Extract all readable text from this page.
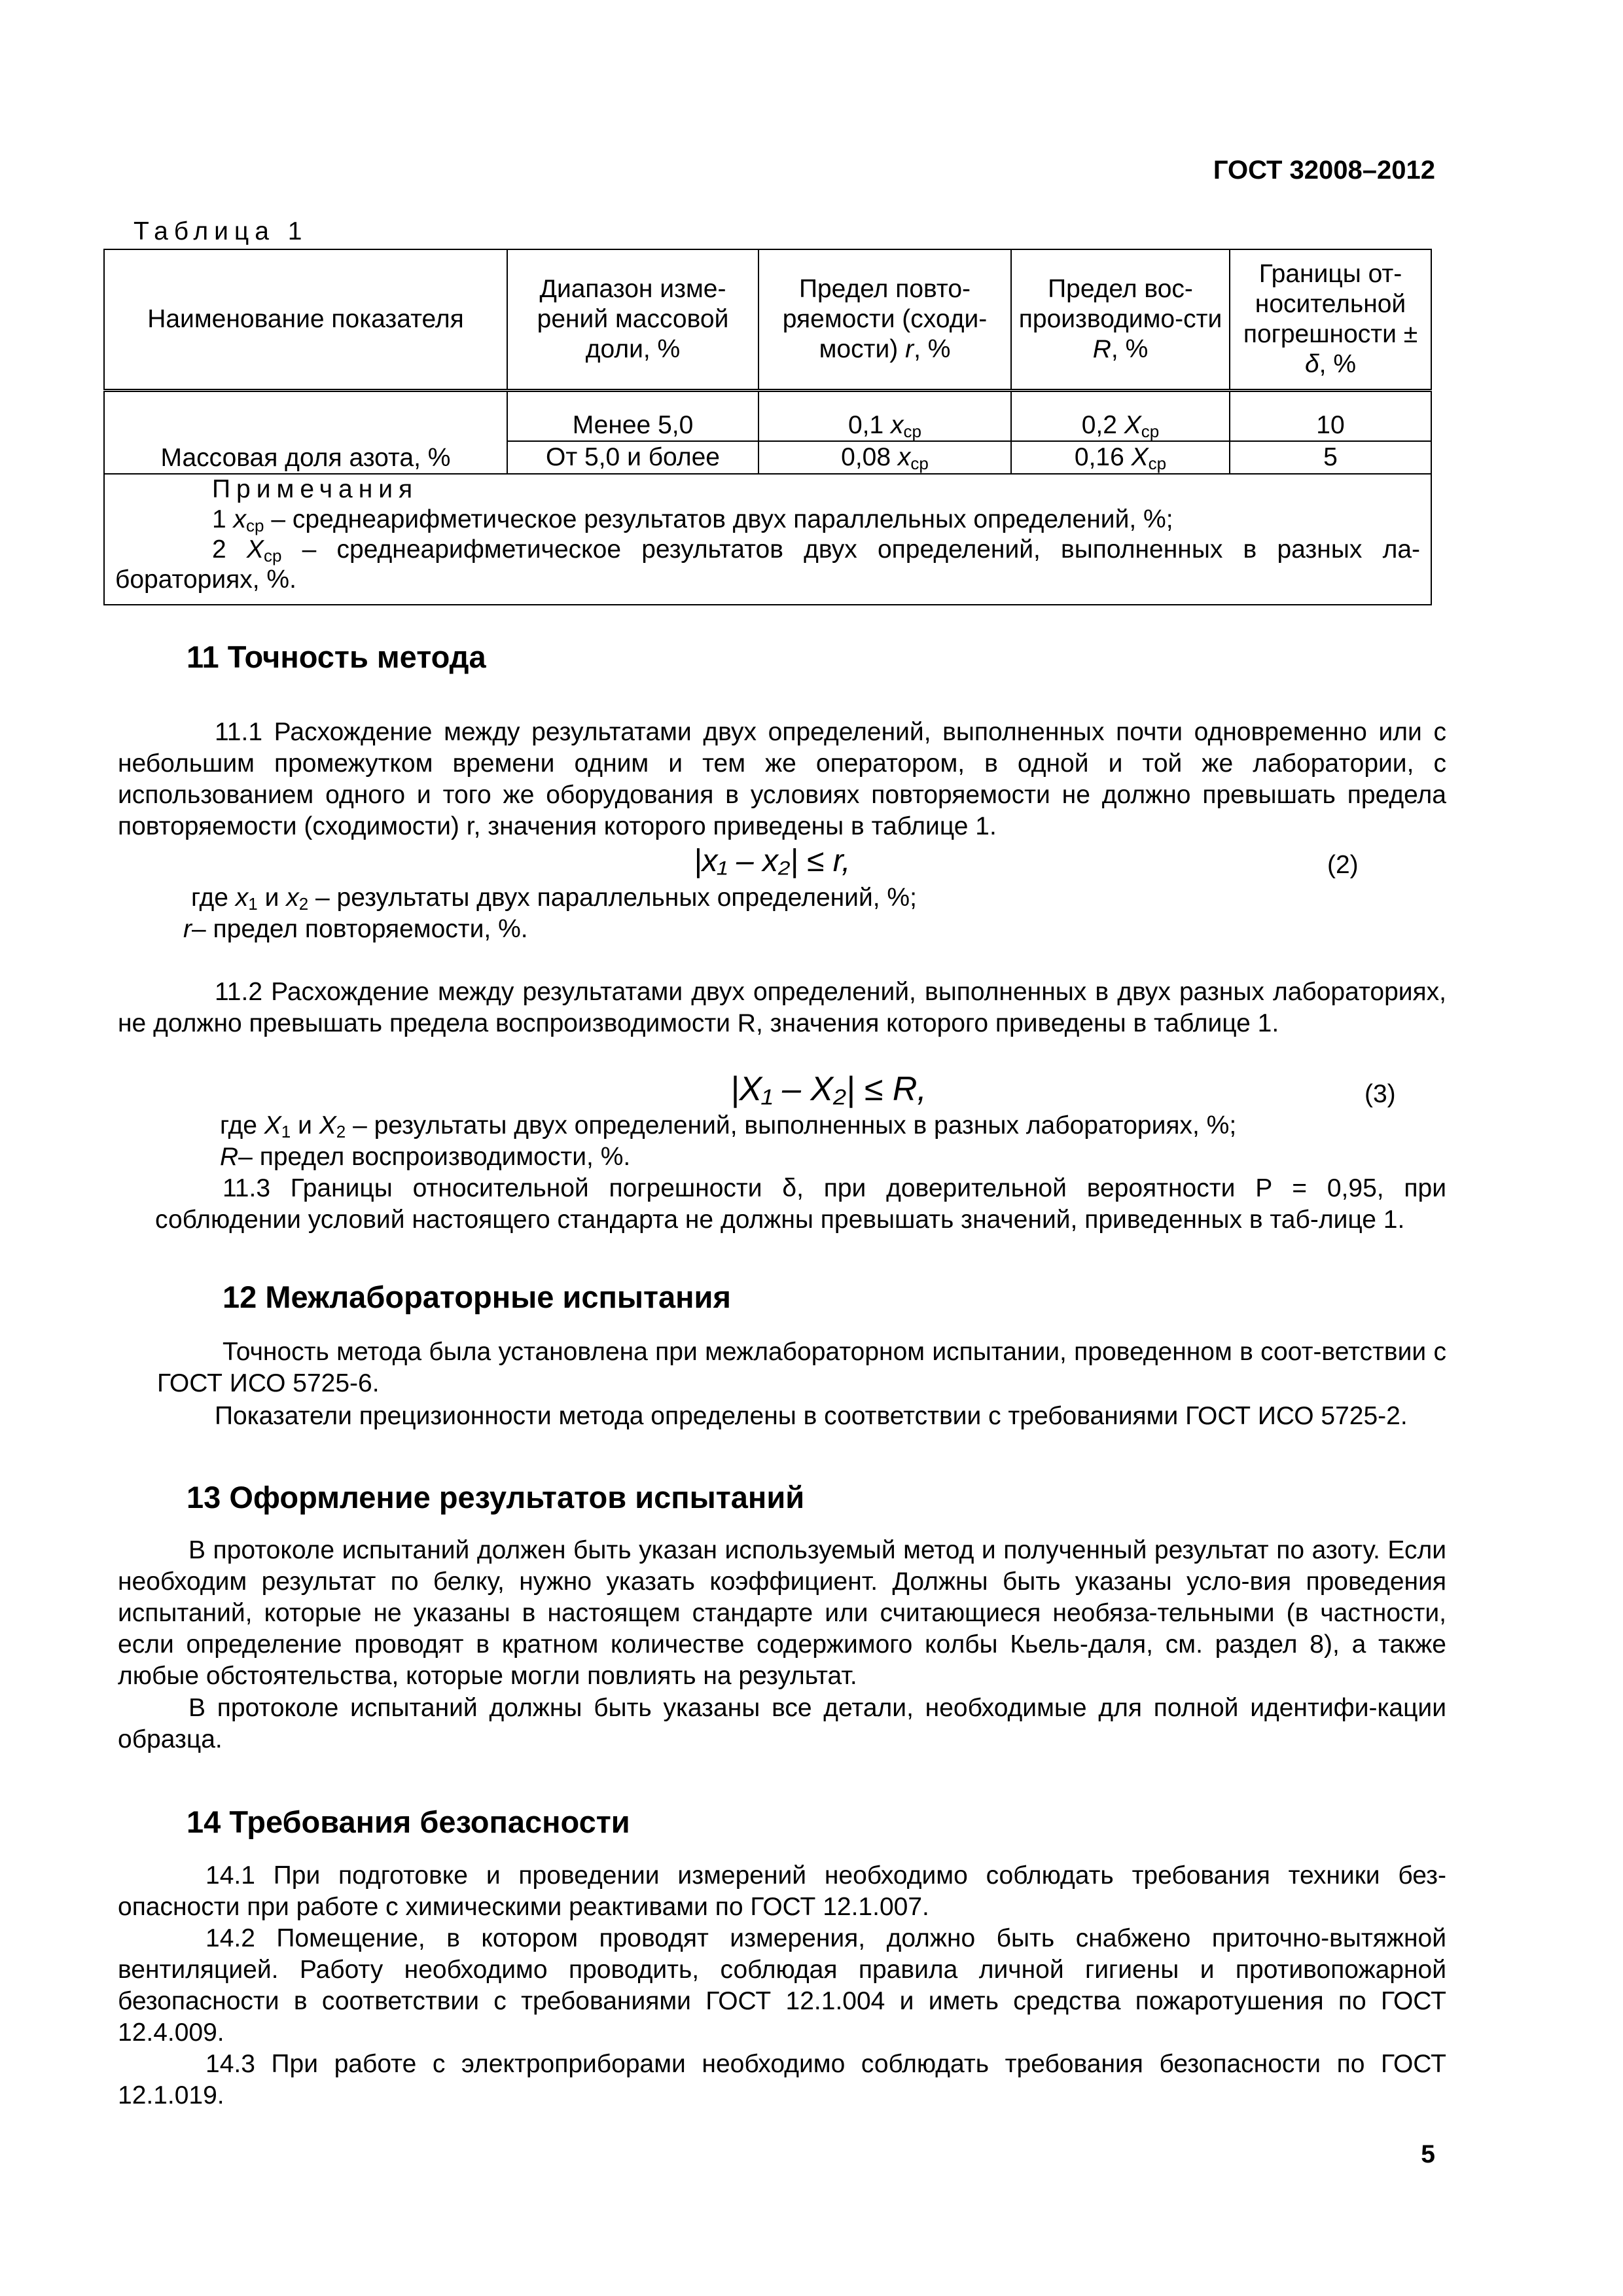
ГОСТ 32008–2012
Таблица 1
Наименование показателя	Диапазон изме-рений массовой доли, %	Предел повто-ряемости (сходи-мости) r, %	Предел вос-производимо-сти R, %	Границы от-носительной погрешности ± δ, %
Массовая доля азота, %	Менее 5,0	0,1 $x_{ср}$	0,2 $X_{ср}$	10
	От 5,0 и более	0,08 $x_{ср}$	0,16 $X_{ср}$	5

Примечания
1 $x_{ср}$ – среднеарифметическое результатов двух параллельных определений, %;
2 $X_{ср}$ – среднеарифметическое результатов двух определений, выполненных в разных ла-бораториях, %.				
11 Точность метода

11.1 Расхождение между результатами двух определений, выполненных почти одновременно или с небольшим промежутком времени одним и тем же оператором, в одной и той же лаборатории, с использованием одного и того же оборудования в условиях повторяемости не должно превышать предела повторяемости (сходимости) r, значения которого приведены в таблице 1.

|x₁ – x₂| ≤ r,	(2)
где $x_1$ и $x_2$ – результаты двух параллельных определений, %;
r– предел повторяемости, %.

11.2 Расхождение между результатами двух определений, выполненных в двух разных лабораториях, не должно превышать предела воспроизводимости R, значения которого приведены в таблице 1.

|X₁ – X₂| ≤ R,	(3)
где $X_1$ и $X_2$ – результаты двух определений, выполненных в разных лабораториях, %;
R– предел воспроизводимости, %.

11.3 Границы относительной погрешности δ, при доверительной вероятности P = 0,95, при соблюдении условий настоящего стандарта не должны превышать значений, приведенных в таб-лице 1.

12 Межлабораторные испытания

Точность метода была установлена при межлабораторном испытании, проведенном в соот-ветствии с ГОСТ ИСО 5725-6.

Показатели прецизионности метода определены в соответствии с требованиями ГОСТ ИСО 5725-2.

13 Оформление результатов испытаний

В протоколе испытаний должен быть указан используемый метод и полученный результат по азоту. Если необходим результат по белку, нужно указать коэффициент. Должны быть указаны усло-вия проведения испытаний, которые не указаны в настоящем стандарте или считающиеся необяза-тельными (в частности, если определение проводят в кратном количестве содержимого колбы Кьель-даля, см. раздел 8), а также любые обстоятельства, которые могли повлиять на результат.

В протоколе испытаний должны быть указаны все детали, необходимые для полной идентифи-кации образца.

14 Требования безопасности

14.1 При подготовке и проведении измерений необходимо соблюдать требования техники без-опасности при работе с химическими реактивами по ГОСТ 12.1.007.

14.2 Помещение, в котором проводят измерения, должно быть снабжено приточно-вытяжной вентиляцией. Работу необходимо проводить, соблюдая правила личной гигиены и противопожарной безопасности в соответствии с требованиями ГОСТ 12.1.004 и иметь средства пожаротушения по ГОСТ 12.4.009.

14.3 При работе с электроприборами необходимо соблюдать требования безопасности по ГОСТ 12.1.019.

5
